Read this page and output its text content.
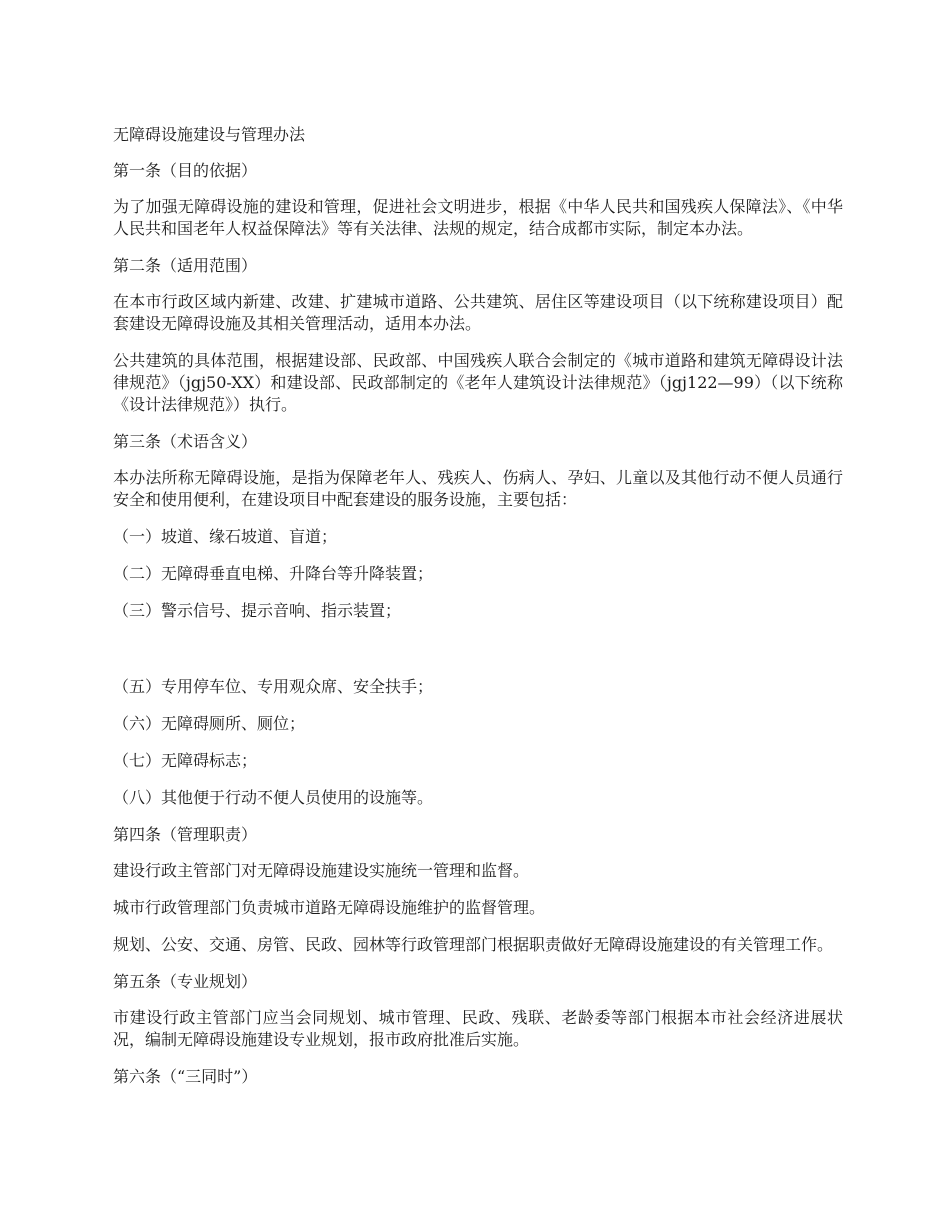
无障碍设施建设与管理办法

第一条（目的依据）

为了加强无障碍设施的建设和管理，促进社会文明进步，根据《中华人民共和国残疾人保障法》、《中华人民共和国老年人权益保障法》等有关法律、法规的规定，结合成都市实际，制定本办法。

第二条（适用范围）

在本市行政区域内新建、改建、扩建城市道路、公共建筑、居住区等建设项目（以下统称建设项目）配套建设无障碍设施及其相关管理活动，适用本办法。

公共建筑的具体范围，根据建设部、民政部、中国残疾人联合会制定的《城市道路和建筑无障碍设计法律规范》（jgj50-XX）和建设部、民政部制定的《老年人建筑设计法律规范》（jgj122—99）（以下统称《设计法律规范》）执行。

第三条（术语含义）

本办法所称无障碍设施，是指为保障老年人、残疾人、伤病人、孕妇、儿童以及其他行动不便人员通行安全和使用便利，在建设项目中配套建设的服务设施，主要包括：

（一）坡道、缘石坡道、盲道；

（二）无障碍垂直电梯、升降台等升降装置；

（三）警示信号、提示音响、指示装置；

（五）专用停车位、专用观众席、安全扶手；

（六）无障碍厕所、厕位；

（七）无障碍标志；

（八）其他便于行动不便人员使用的设施等。

第四条（管理职责）

建设行政主管部门对无障碍设施建设实施统一管理和监督。

城市行政管理部门负责城市道路无障碍设施维护的监督管理。

规划、公安、交通、房管、民政、园林等行政管理部门根据职责做好无障碍设施建设的有关管理工作。

第五条（专业规划）

市建设行政主管部门应当会同规划、城市管理、民政、残联、老龄委等部门根据本市社会经济进展状况，编制无障碍设施建设专业规划，报市政府批准后实施。

第六条（“三同时”）
